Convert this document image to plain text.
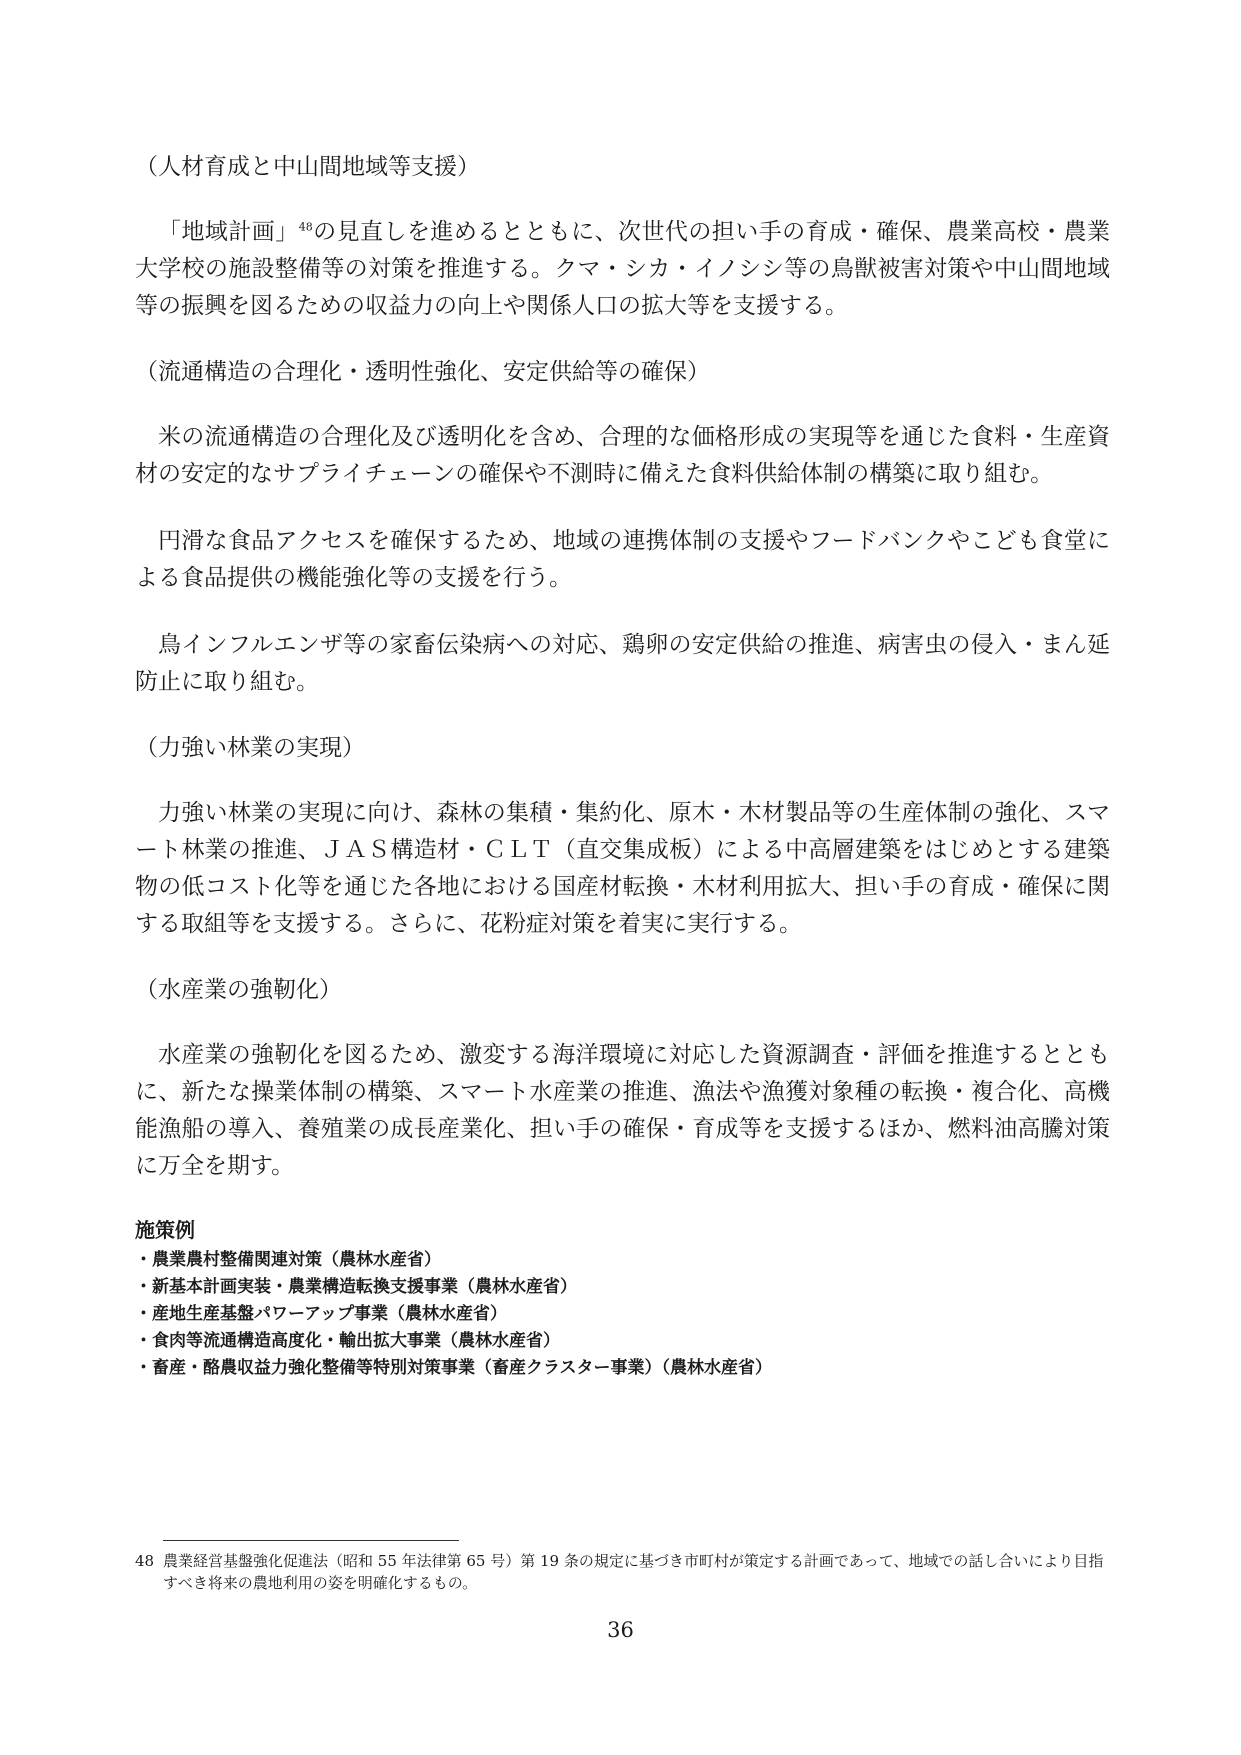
（人材育成と中山間地域等支援）

「地域計画」$^{48}$の見直しを進めるとともに、次世代の担い手の育成・確保、農業高校・農業大学校の施設整備等の対策を推進する。クマ・シカ・イノシシ等の鳥獣被害対策や中山間地域等の振興を図るための収益力の向上や関係人口の拡大等を支援する。

（流通構造の合理化・透明性強化、安定供給等の確保）

米の流通構造の合理化及び透明化を含め、合理的な価格形成の実現等を通じた食料・生産資材の安定的なサプライチェーンの確保や不測時に備えた食料供給体制の構築に取り組む。

円滑な食品アクセスを確保するため、地域の連携体制の支援やフードバンクやこども食堂による食品提供の機能強化等の支援を行う。

鳥インフルエンザ等の家畜伝染病への対応、鶏卵の安定供給の推進、病害虫の侵入・まん延防止に取り組む。

（力強い林業の実現）

力強い林業の実現に向け、森林の集積・集約化、原木・木材製品等の生産体制の強化、スマート林業の推進、ＪＡＳ構造材・ＣＬＴ（直交集成板）による中高層建築をはじめとする建築物の低コスト化等を通じた各地における国産材転換・木材利用拡大、担い手の育成・確保に関する取組等を支援する。さらに、花粉症対策を着実に実行する。

（水産業の強靭化）

水産業の強靭化を図るため、激変する海洋環境に対応した資源調査・評価を推進するとともに、新たな操業体制の構築、スマート水産業の推進、漁法や漁獲対象種の転換・複合化、高機能漁船の導入、養殖業の成長産業化、担い手の確保・育成等を支援するほか、燃料油高騰対策に万全を期す。

施策例
・農業農村整備関連対策（農林水産省）
・新基本計画実装・農業構造転換支援事業（農林水産省）
・産地生産基盤パワーアップ事業（農林水産省）
・食肉等流通構造高度化・輸出拡大事業（農林水産省）
・畜産・酪農収益力強化整備等特別対策事業（畜産クラスター事業）（農林水産省）
48 農業経営基盤強化促進法（昭和 55 年法律第 65 号）第 19 条の規定に基づき市町村が策定する計画であって、地域での話し合いにより目指すべき将来の農地利用の姿を明確化するもの。
36
